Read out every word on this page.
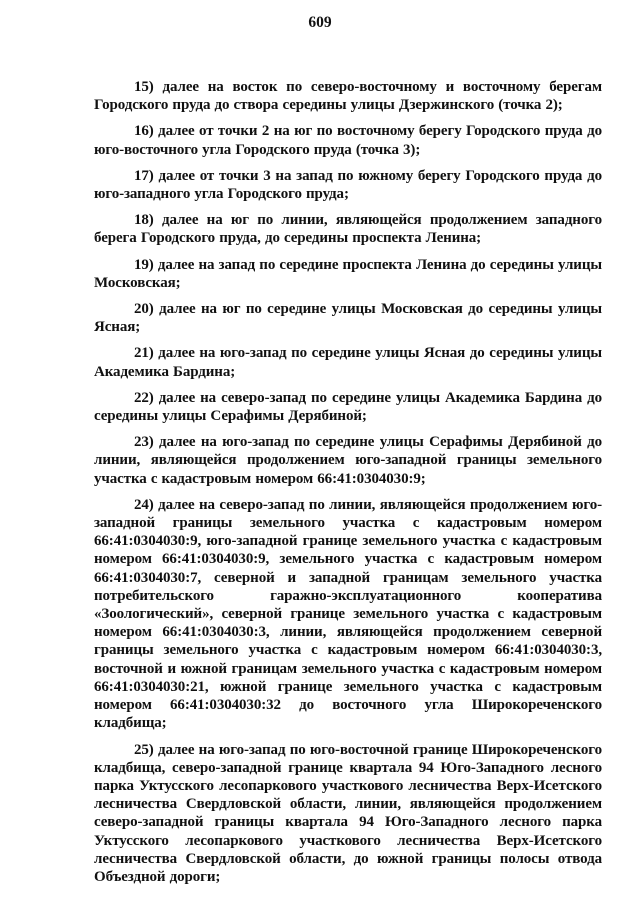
609

15) далее на восток по северо-восточному и восточному берегам Городского пруда до створа середины улицы Дзержинского (точка 2);

16) далее от точки 2 на юг по восточному берегу Городского пруда до юго-восточного угла Городского пруда (точка 3);

17) далее от точки 3 на запад по южному берегу Городского пруда до юго-западного угла Городского пруда;

18) далее на юг по линии, являющейся продолжением западного берега Городского пруда, до середины проспекта Ленина;

19) далее на запад по середине проспекта Ленина до середины улицы Московская;

20) далее на юг по середине улицы Московская до середины улицы Ясная;

21) далее на юго-запад по середине улицы Ясная до середины улицы Академика Бардина;

22) далее на северо-запад по середине улицы Академика Бардина до середины улицы Серафимы Дерябиной;

23) далее на юго-запад по середине улицы Серафимы Дерябиной до линии, являющейся продолжением юго-западной границы земельного участка с кадастровым номером 66:41:0304030:9;

24) далее на северо-запад по линии, являющейся продолжением юго-западной границы земельного участка с кадастровым номером 66:41:0304030:9, юго-западной границе земельного участка с кадастровым номером 66:41:0304030:9, земельного участка с кадастровым номером 66:41:0304030:7, северной и западной границам земельного участка потребительского гаражно-эксплуатационного кооператива «Зоологический», северной границе земельного участка с кадастровым номером 66:41:0304030:3, линии, являющейся продолжением северной границы земельного участка с кадастровым номером 66:41:0304030:3, восточной и южной границам земельного участка с кадастровым номером 66:41:0304030:21, южной границе земельного участка с кадастровым номером 66:41:0304030:32 до восточного угла Широкореченского кладбища;

25) далее на юго-запад по юго-восточной границе Широкореченского кладбища, северо-западной границе квартала 94 Юго-Западного лесного парка Уктусского лесопаркового участкового лесничества Верх-Исетского лесничества Свердловской области, линии, являющейся продолжением северо-западной границы квартала 94 Юго-Западного лесного парка Уктусского лесопаркового участкового лесничества Верх-Исетского лесничества Свердловской области, до южной границы полосы отвода Объездной дороги;
